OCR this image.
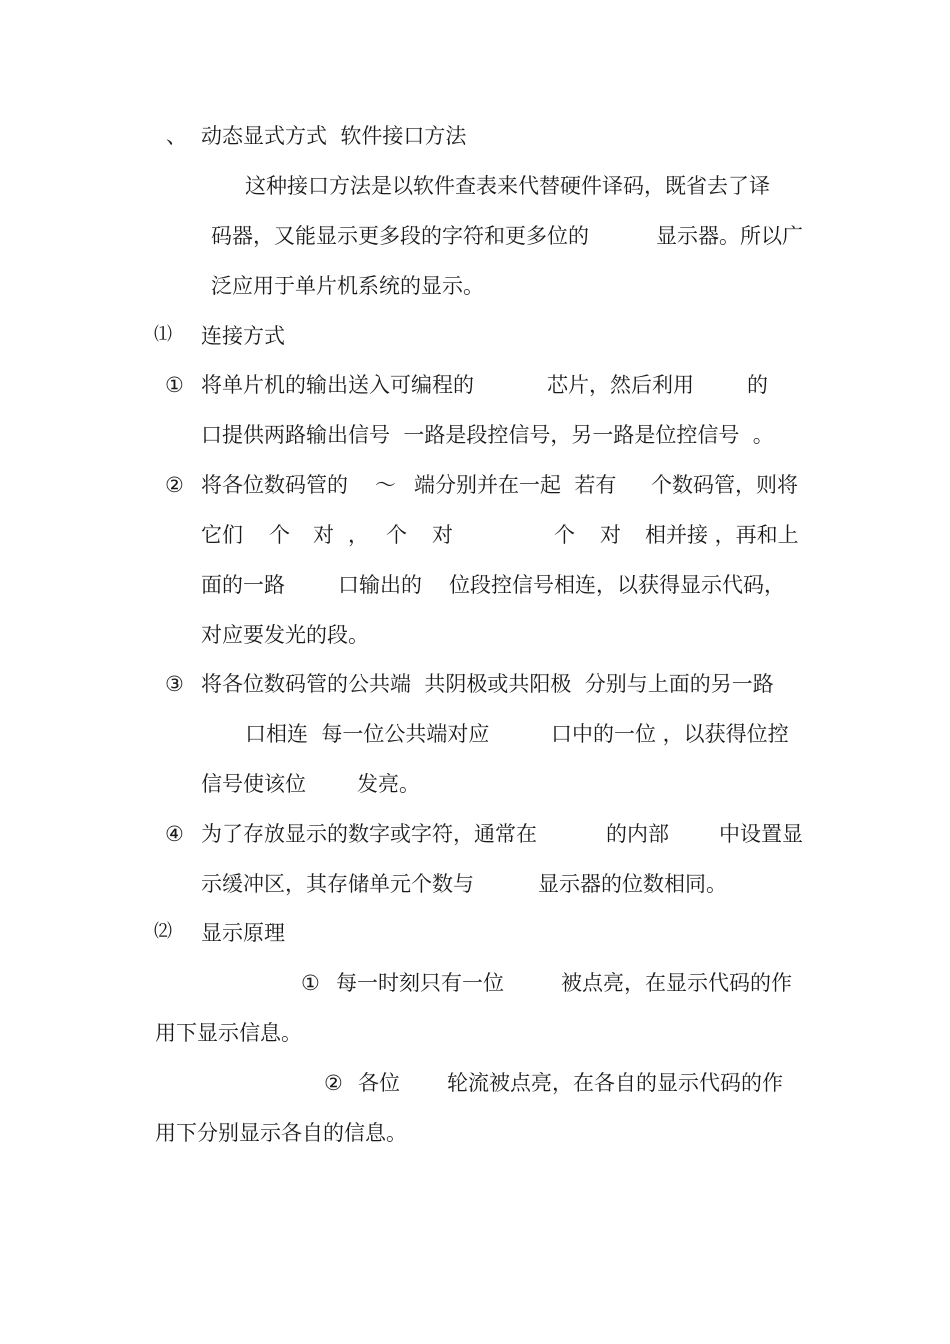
、 动态显式方式  软件接口方法
这种接口方法是以软件查表来代替硬件译码，既省去了译
码器，又能显示更多段的字符和更多位的	显示器。所以广
泛应用于单片机系统的显示。
⑴ 连接方式
① 将单片机的输出送入可编程的	芯片，然后利用	的
口提供两路输出信号  一路是段控信号，另一路是位控信号  。
② 将各位数码管的 ～ 端分别并在一起  若有 个数码管，则将
它们 个 对 ， 个 对	个 对 相并接 ，再和上
面的一路	口输出的 位段控信号相连，以获得显示代码，
对应要发光的段。
③ 将各位数码管的公共端  共阴极或共阳极  分别与上面的另一路
口相连  每一位公共端对应	口中的一位 ，以获得位控
信号使该位 发亮。
④ 为了存放显示的数字或字符，通常在	的内部 中设置显
示缓冲区，其存储单元个数与	显示器的位数相同。
⑵ 显示原理
① 每一时刻只有一位	被点亮，在显示代码的作
用下显示信息。
② 各位 轮流被点亮，在各自的显示代码的作
用下分别显示各自的信息。
